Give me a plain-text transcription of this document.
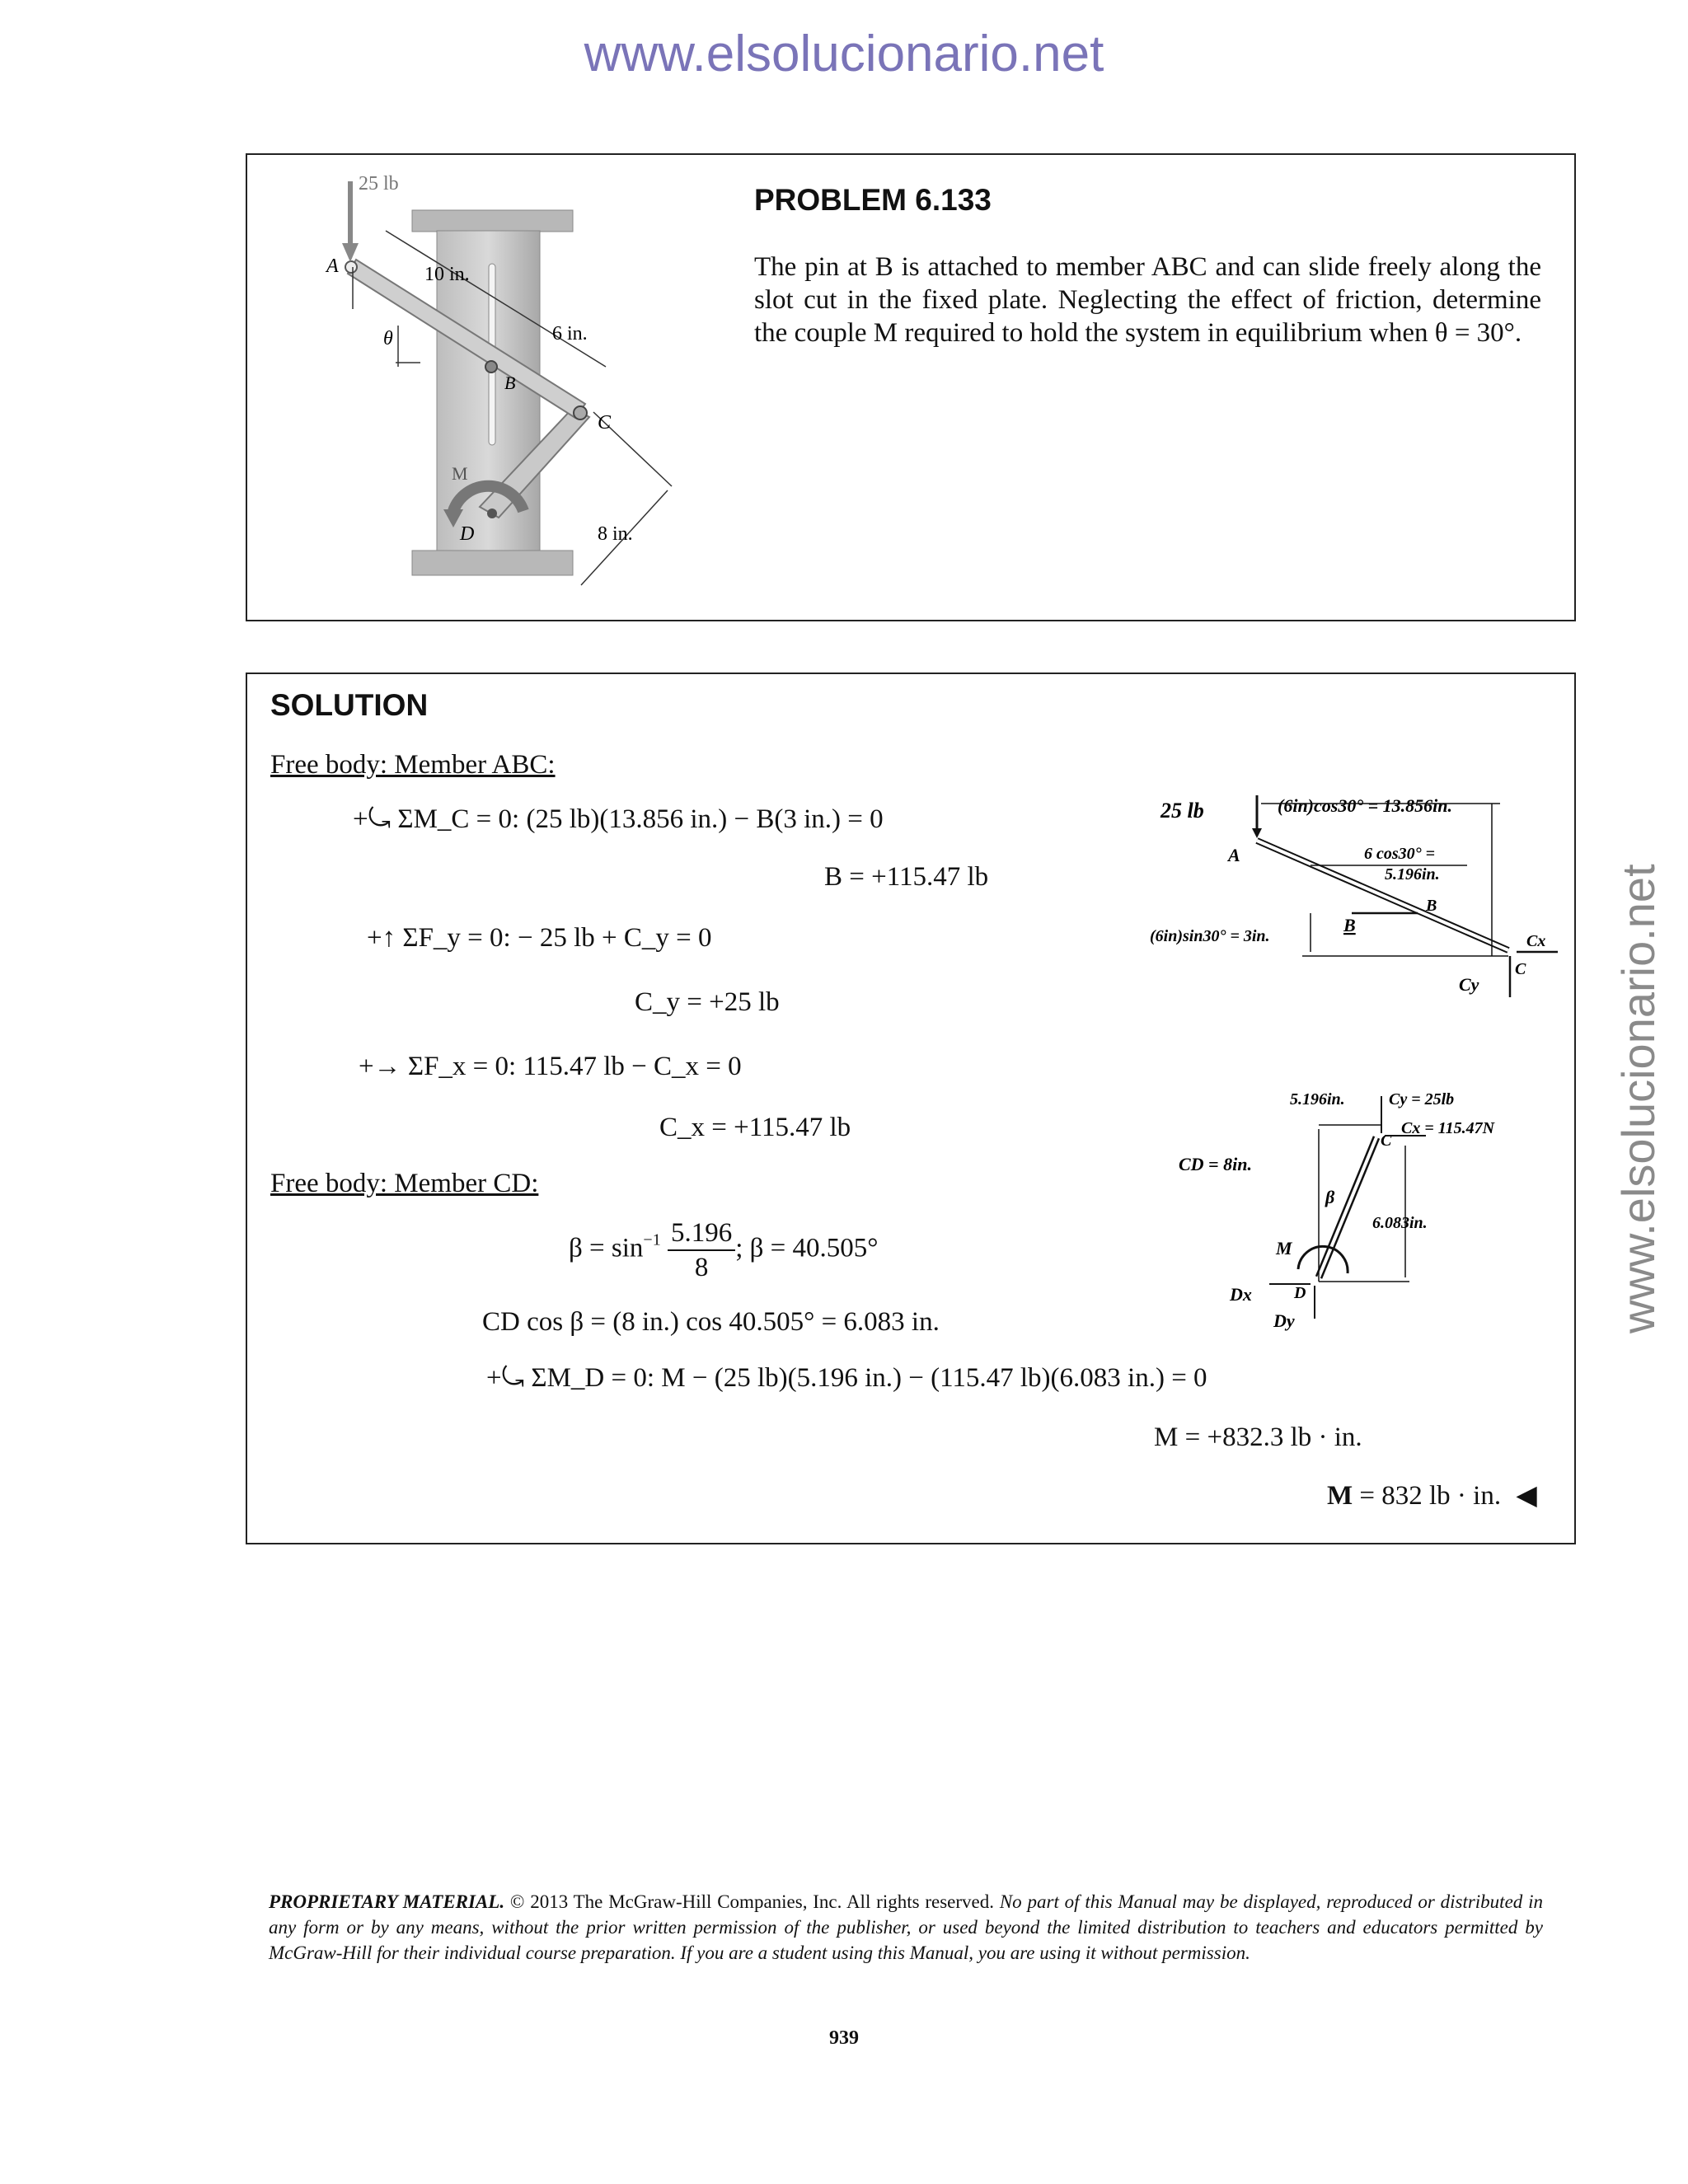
www.elsolucionario.net
www.elsolucionario.net
25 lb
θ
10 in.
6 in.
8 in.
A
B
C
M
D
PROBLEM 6.133
The pin at B is attached to member ABC and can slide freely along the slot cut in the fixed plate. Neglecting the effect of friction, determine the couple M required to hold the system in equilibrium when θ = 30°.
SOLUTION
Free body: Member ABC:
+⤿ ΣM_C = 0: (25 lb)(13.856 in.) − B(3 in.) = 0
B = +115.47 lb
+↑ ΣF_y = 0: − 25 lb + C_y = 0
C_y = +25 lb
+→ ΣF_x = 0: 115.47 lb − C_x = 0
C_x = +115.47 lb
Free body: Member CD:
$\beta = \sin^{-1} \frac{5.196}{8}$ ; β = 40.505°
CD cos β = (8 in.) cos 40.505° = 6.083 in.
+⤿ ΣM_D = 0: M − (25 lb)(5.196 in.) − (115.47 lb)(6.083 in.) = 0
M = +832.3 lb · in.
M = 832 lb · in. ◀
25 lb	(6in)cos30° = 13.856in.
A	6 cos30° =
5.196in.
B
B
(6in)sin30° = 3in.	Cx
C
Cy
5.196in.	Cy = 25lb
C
Cx = 115.47N
CD = 8in.
β
6.083in.
M
D
Dx
Dy
PROPRIETARY MATERIAL. © 2013 The McGraw-Hill Companies, Inc. All rights reserved. No part of this Manual may be displayed, reproduced or distributed in any form or by any means, without the prior written permission of the publisher, or used beyond the limited distribution to teachers and educators permitted by McGraw-Hill for their individual course preparation. If you are a student using this Manual, you are using it without permission.
939
